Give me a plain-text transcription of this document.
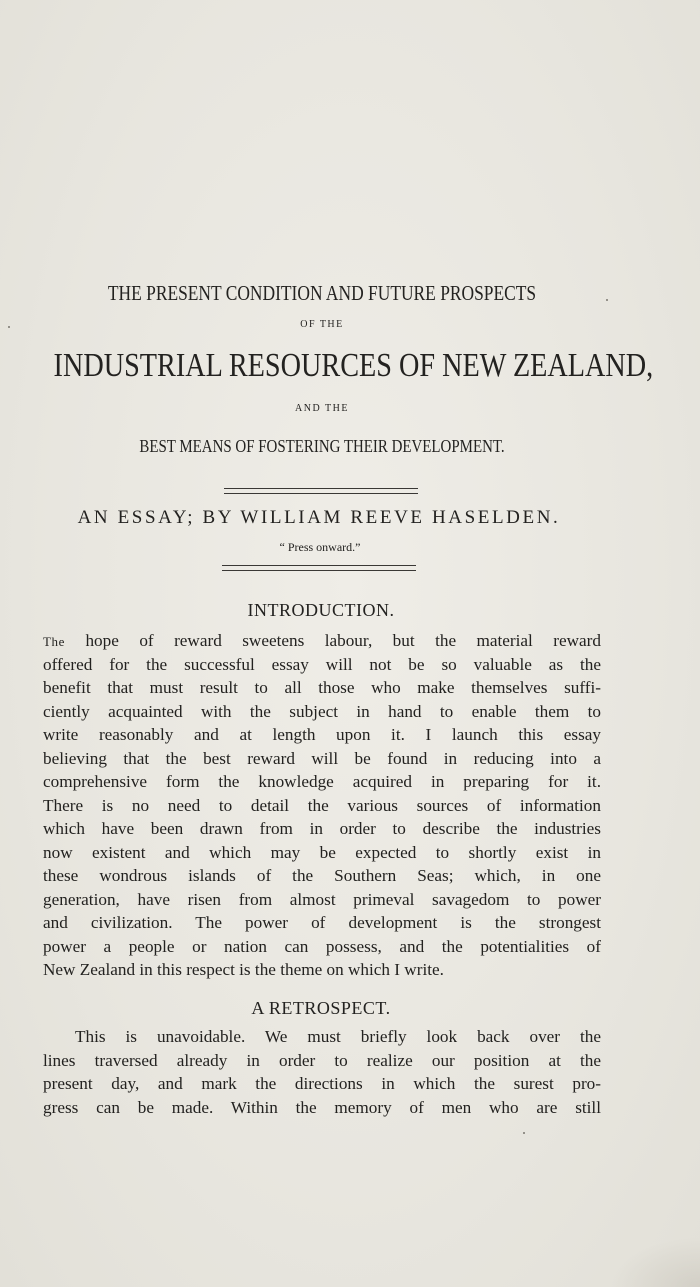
THE PRESENT CONDITION AND FUTURE PROSPECTS
OF THE
INDUSTRIAL RESOURCES OF NEW ZEALAND,
AND THE
BEST MEANS OF FOSTERING THEIR DEVELOPMENT.
AN ESSAY; BY WILLIAM REEVE HASELDEN.
“ Press onward.”
INTRODUCTION.
The hope of reward sweetens labour, but the material reward
offered for the successful essay will not be so valuable as the
benefit that must result to all those who make themselves suffi-
ciently acquainted with the subject in hand to enable them to
write reasonably and at length upon it. I launch this essay
believing that the best reward will be found in reducing into a
comprehensive form the knowledge acquired in preparing for it.
There is no need to detail the various sources of information
which have been drawn from in order to describe the industries
now existent and which may be expected to shortly exist in
these wondrous islands of the Southern Seas; which, in one
generation, have risen from almost primeval savagedom to power
and civilization. The power of development is the strongest
power a people or nation can possess, and the potentialities of
New Zealand in this respect is the theme on which I write.
A RETROSPECT.
This is unavoidable. We must briefly look back over the
lines traversed already in order to realize our position at the
present day, and mark the directions in which the surest pro-
gress can be made. Within the memory of men who are still
